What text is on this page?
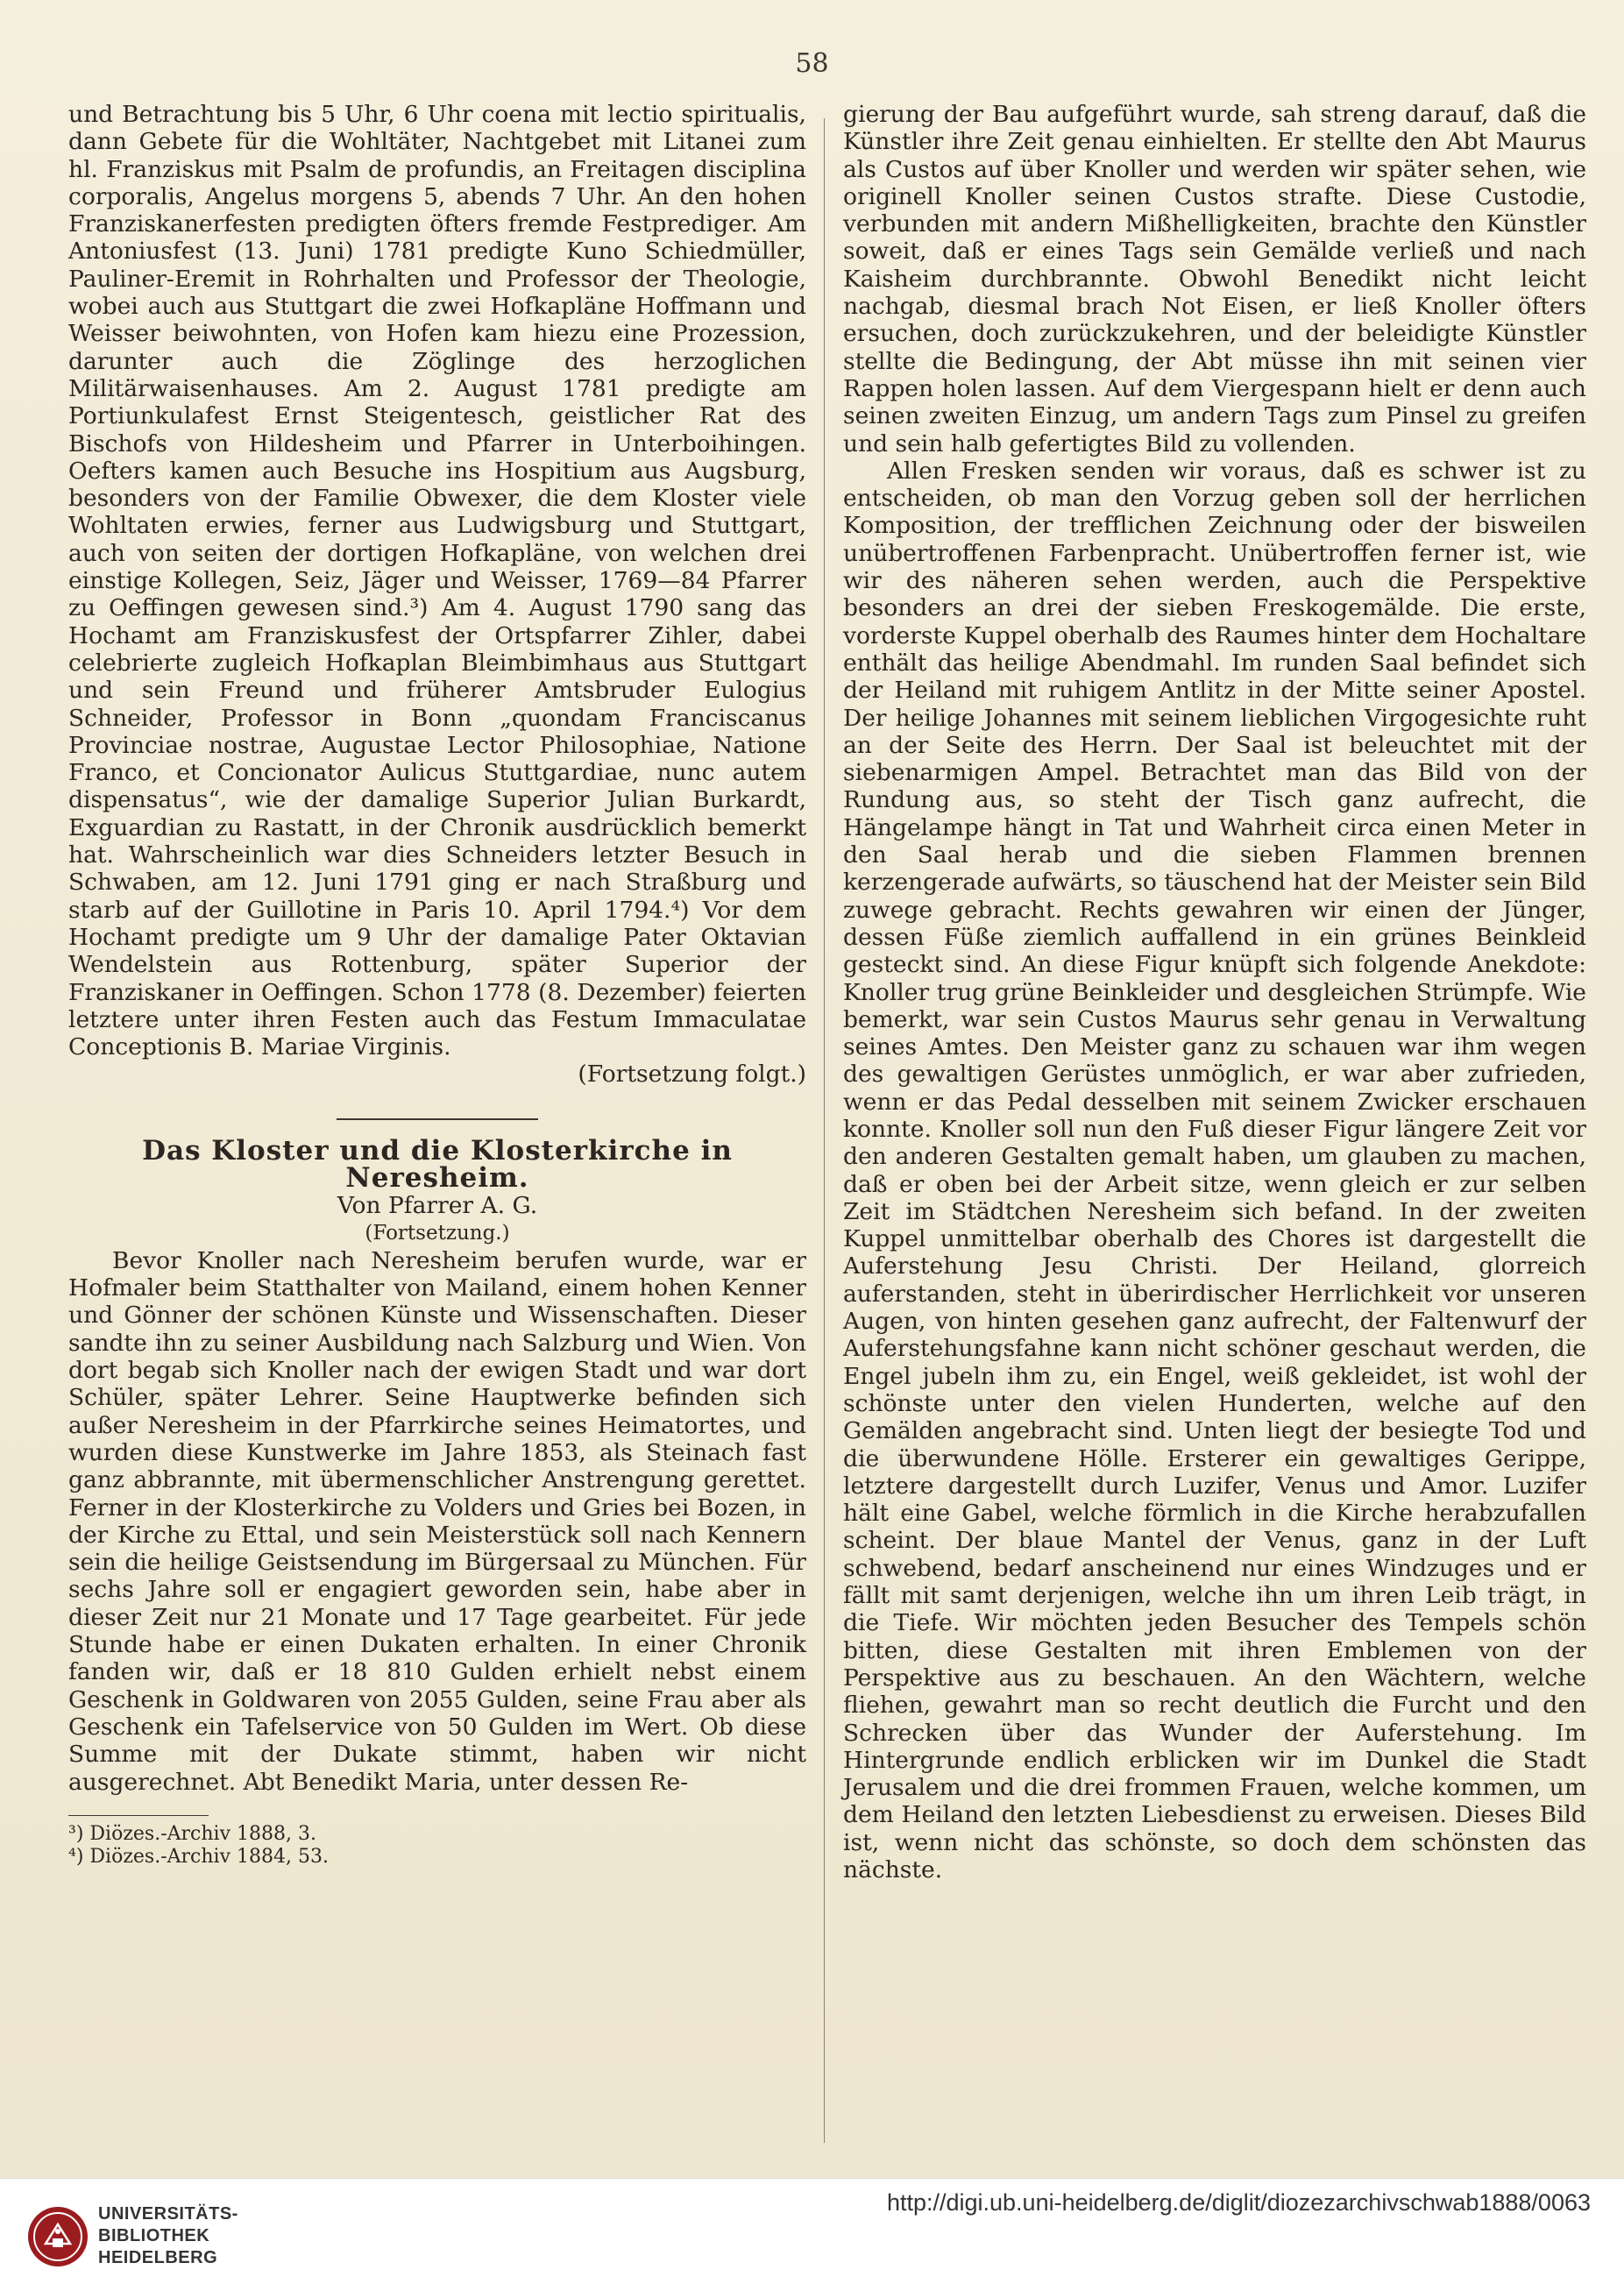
58

und Betrachtung bis 5 Uhr, 6 Uhr coena mit lectio spiritualis, dann Gebete für die Wohltäter, Nachtgebet mit Litanei zum hl. Franziskus mit Psalm de profundis, an Freitagen disciplina corporalis, Angelus morgens 5, abends 7 Uhr. An den hohen Franziskanerfesten predigten öfters fremde Festprediger. Am Antoniusfest (13. Juni) 1781 predigte Kuno Schiedmüller, Pauliner-Eremit in Rohrhalten und Professor der Theologie, wobei auch aus Stuttgart die zwei Hofkapläne Hoffmann und Weisser beiwohnten, von Hofen kam hiezu eine Prozession, darunter auch die Zöglinge des herzoglichen Militärwaisenhauses. Am 2. August 1781 predigte am Portiunkulafest Ernst Steigentesch, geistlicher Rat des Bischofs von Hildesheim und Pfarrer in Unterboihingen. Oefters kamen auch Besuche ins Hospitium aus Augsburg, besonders von der Familie Obwexer, die dem Kloster viele Wohltaten erwies, ferner aus Ludwigsburg und Stuttgart, auch von seiten der dortigen Hofkapläne, von welchen drei einstige Kollegen, Seiz, Jäger und Weisser, 1769—84 Pfarrer zu Oeffingen gewesen sind.³) Am 4. August 1790 sang das Hochamt am Franziskusfest der Ortspfarrer Zihler, dabei celebrierte zugleich Hofkaplan Bleimbimhaus aus Stuttgart und sein Freund und früherer Amtsbruder Eulogius Schneider, Professor in Bonn „quondam Franciscanus Provinciae nostrae, Augustae Lector Philosophiae, Natione Franco, et Concionator Aulicus Stuttgardiae, nunc autem dispensatus“, wie der damalige Superior Julian Burkardt, Exguardian zu Rastatt, in der Chronik ausdrücklich bemerkt hat. Wahrscheinlich war dies Schneiders letzter Besuch in Schwaben, am 12. Juni 1791 ging er nach Straßburg und starb auf der Guillotine in Paris 10. April 1794.⁴) Vor dem Hochamt predigte um 9 Uhr der damalige Pater Oktavian Wendelstein aus Rottenburg, später Superior der Franziskaner in Oeffingen. Schon 1778 (8. Dezember) feierten letztere unter ihren Festen auch das Festum Immaculatae Conceptionis B. Mariae Virginis.

(Fortsetzung folgt.)

Das Kloster und die Klosterkirche in Neresheim.

Von Pfarrer A. G.

(Fortsetzung.)

Bevor Knoller nach Neresheim berufen wurde, war er Hofmaler beim Statthalter von Mailand, einem hohen Kenner und Gönner der schönen Künste und Wissenschaften. Dieser sandte ihn zu seiner Ausbildung nach Salzburg und Wien. Von dort begab sich Knoller nach der ewigen Stadt und war dort Schüler, später Lehrer. Seine Hauptwerke befinden sich außer Neresheim in der Pfarrkirche seines Heimatortes, und wurden diese Kunstwerke im Jahre 1853, als Steinach fast ganz abbrannte, mit übermenschlicher Anstrengung gerettet. Ferner in der Klosterkirche zu Volders und Gries bei Bozen, in der Kirche zu Ettal, und sein Meisterstück soll nach Kennern sein die heilige Geistsendung im Bürgersaal zu München. Für sechs Jahre soll er engagiert geworden sein, habe aber in dieser Zeit nur 21 Monate und 17 Tage gearbeitet. Für jede Stunde habe er einen Dukaten erhalten. In einer Chronik fanden wir, daß er 18 810 Gulden erhielt nebst einem Geschenk in Goldwaren von 2055 Gulden, seine Frau aber als Geschenk ein Tafelservice von 50 Gulden im Wert. Ob diese Summe mit der Dukate stimmt, haben wir nicht ausgerechnet. Abt Benedikt Maria, unter dessen Re-

³) Diözes.-Archiv 1888, 3.

⁴) Diözes.-Archiv 1884, 53.

gierung der Bau aufgeführt wurde, sah streng darauf, daß die Künstler ihre Zeit genau einhielten. Er stellte den Abt Maurus als Custos auf über Knoller und werden wir später sehen, wie originell Knoller seinen Custos strafte. Diese Custodie, verbunden mit andern Mißhelligkeiten, brachte den Künstler soweit, daß er eines Tags sein Gemälde verließ und nach Kaisheim durchbrannte. Obwohl Benedikt nicht leicht nachgab, diesmal brach Not Eisen, er ließ Knoller öfters ersuchen, doch zurückzukehren, und der beleidigte Künstler stellte die Bedingung, der Abt müsse ihn mit seinen vier Rappen holen lassen. Auf dem Viergespann hielt er denn auch seinen zweiten Einzug, um andern Tags zum Pinsel zu greifen und sein halb gefertigtes Bild zu vollenden.

Allen Fresken senden wir voraus, daß es schwer ist zu entscheiden, ob man den Vorzug geben soll der herrlichen Komposition, der trefflichen Zeichnung oder der bisweilen unübertroffenen Farbenpracht. Unübertroffen ferner ist, wie wir des näheren sehen werden, auch die Perspektive besonders an drei der sieben Freskogemälde. Die erste, vorderste Kuppel oberhalb des Raumes hinter dem Hochaltare enthält das heilige Abendmahl. Im runden Saal befindet sich der Heiland mit ruhigem Antlitz in der Mitte seiner Apostel. Der heilige Johannes mit seinem lieblichen Virgogesichte ruht an der Seite des Herrn. Der Saal ist beleuchtet mit der siebenarmigen Ampel. Betrachtet man das Bild von der Rundung aus, so steht der Tisch ganz aufrecht, die Hängelampe hängt in Tat und Wahrheit circa einen Meter in den Saal herab und die sieben Flammen brennen kerzengerade aufwärts, so täuschend hat der Meister sein Bild zuwege gebracht. Rechts gewahren wir einen der Jünger, dessen Füße ziemlich auffallend in ein grünes Beinkleid gesteckt sind. An diese Figur knüpft sich folgende Anekdote: Knoller trug grüne Beinkleider und desgleichen Strümpfe. Wie bemerkt, war sein Custos Maurus sehr genau in Verwaltung seines Amtes. Den Meister ganz zu schauen war ihm wegen des gewaltigen Gerüstes unmöglich, er war aber zufrieden, wenn er das Pedal desselben mit seinem Zwicker erschauen konnte. Knoller soll nun den Fuß dieser Figur längere Zeit vor den anderen Gestalten gemalt haben, um glauben zu machen, daß er oben bei der Arbeit sitze, wenn gleich er zur selben Zeit im Städtchen Neresheim sich befand. In der zweiten Kuppel unmittelbar oberhalb des Chores ist dargestellt die Auferstehung Jesu Christi. Der Heiland, glorreich auferstanden, steht in überirdischer Herrlichkeit vor unseren Augen, von hinten gesehen ganz aufrecht, der Faltenwurf der Auferstehungsfahne kann nicht schöner geschaut werden, die Engel jubeln ihm zu, ein Engel, weiß gekleidet, ist wohl der schönste unter den vielen Hunderten, welche auf den Gemälden angebracht sind. Unten liegt der besiegte Tod und die überwundene Hölle. Ersterer ein gewaltiges Gerippe, letztere dargestellt durch Luzifer, Venus und Amor. Luzifer hält eine Gabel, welche förmlich in die Kirche herabzufallen scheint. Der blaue Mantel der Venus, ganz in der Luft schwebend, bedarf anscheinend nur eines Windzuges und er fällt mit samt derjenigen, welche ihn um ihren Leib trägt, in die Tiefe. Wir möchten jeden Besucher des Tempels schön bitten, diese Gestalten mit ihren Emblemen von der Perspektive aus zu beschauen. An den Wächtern, welche fliehen, gewahrt man so recht deutlich die Furcht und den Schrecken über das Wunder der Auferstehung. Im Hintergrunde endlich erblicken wir im Dunkel die Stadt Jerusalem und die drei frommen Frauen, welche kommen, um dem Heiland den letzten Liebesdienst zu erweisen. Dieses Bild ist, wenn nicht das schönste, so doch dem schönsten das nächste.

UNIVERSITÄTS-
BIBLIOTHEK
HEIDELBERG
http://digi.ub.uni-heidelberg.de/diglit/diozezarchivschwab1888/0063
